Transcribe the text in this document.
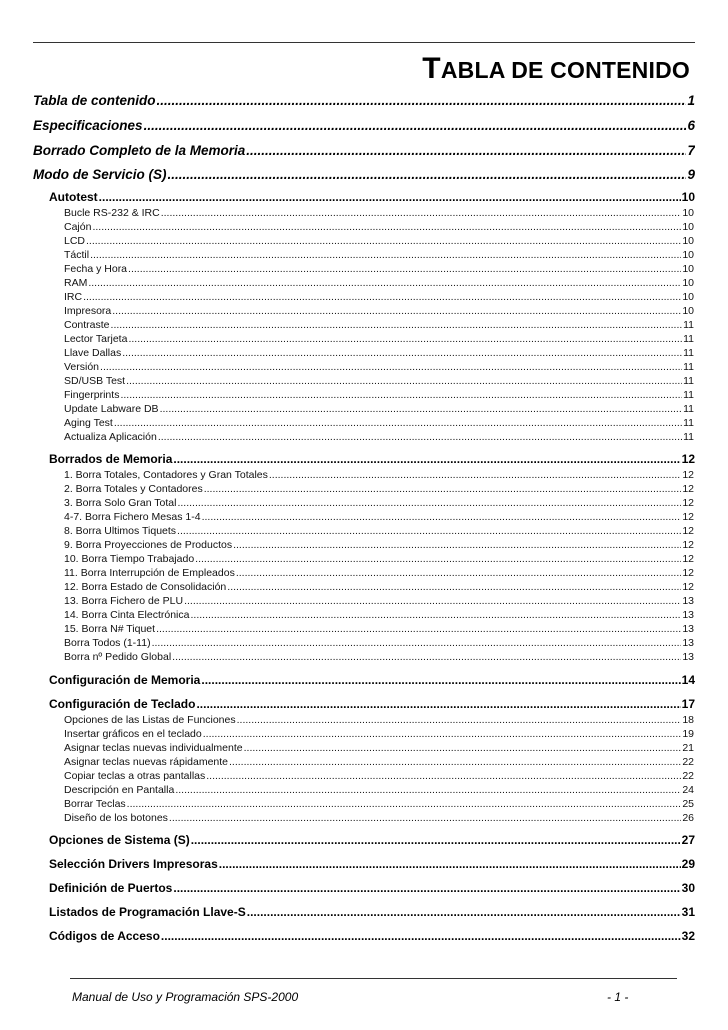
TABLA DE CONTENIDO
Tabla de contenido .....	1
Especificaciones .....	6
Borrado Completo de la Memoria .....	7
Modo de Servicio (S) .....	9
Autotest .....	10
Bucle RS-232 & IRC .....	10
Cajón .....	10
LCD .....	10
Táctil .....	10
Fecha y Hora .....	10
RAM .....	10
IRC .....	10
Impresora .....	10
Contraste .....	11
Lector Tarjeta .....	11
Llave Dallas .....	11
Versión .....	11
SD/USB Test .....	11
Fingerprints .....	11
Update Labware DB .....	11
Aging Test .....	11
Actualiza Aplicación .....	11
Borrados de Memoria .....	12
1. Borra Totales, Contadores y Gran Totales .....	12
2. Borra Totales y Contadores .....	12
3. Borra Solo Gran Total .....	12
4-7. Borra Fichero Mesas 1-4 .....	12
8. Borra Ultimos Tiquets .....	12
9. Borra Proyecciones de Productos .....	12
10. Borra Tiempo Trabajado .....	12
11. Borra Interrupción de Empleados .....	12
12. Borra Estado de Consolidación .....	12
13. Borra Fichero de PLU .....	13
14. Borra Cinta Electrónica .....	13
15. Borra N# Tiquet .....	13
Borra Todos (1-11) .....	13
Borra nº Pedido Global .....	13
Configuración de Memoria .....	14
Configuración de Teclado .....	17
Opciones de las Listas de Funciones .....	18
Insertar gráficos en el teclado .....	19
Asignar teclas nuevas individualmente .....	21
Asignar teclas nuevas rápidamente .....	22
Copiar teclas a otras pantallas .....	22
Descripción en Pantalla .....	24
Borrar Teclas .....	25
Diseño de los botones .....	26
Opciones de Sistema (S) .....	27
Selección Drivers Impresoras .....	29
Definición de Puertos .....	30
Listados de Programación Llave-S .....	31
Códigos de Acceso .....	32
Manual de Uso y Programación SPS-2000	- 1 -
